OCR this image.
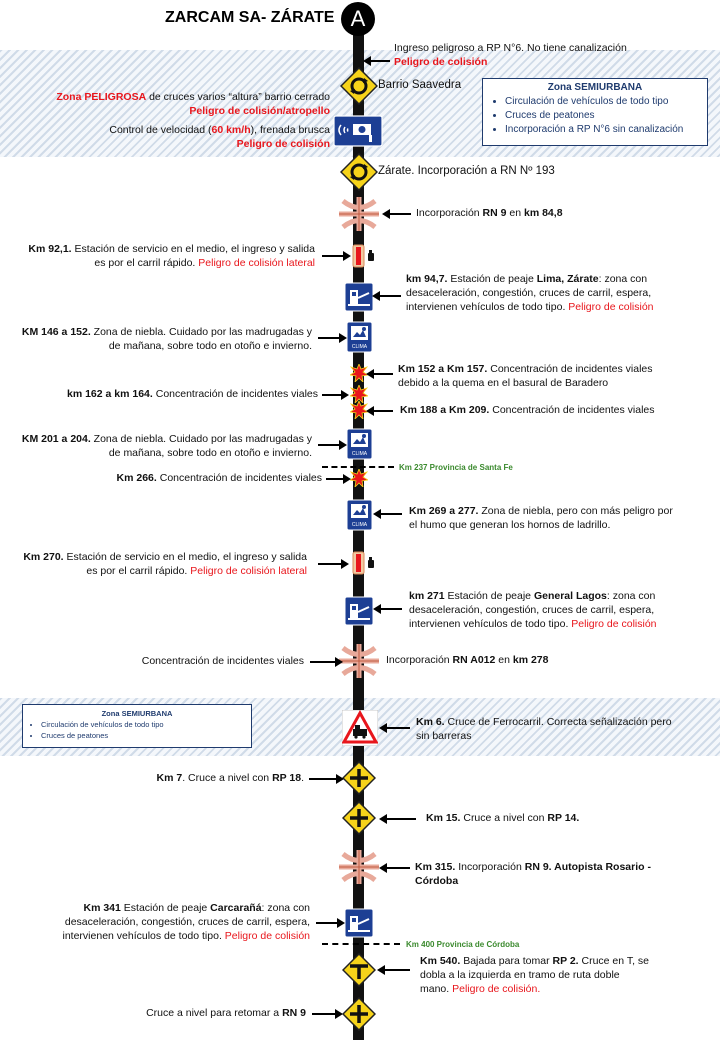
ZARCAM SA- ZÁRATE A
Zona SEMIURBANA
• Circulación de vehículos de todo tipo
• Cruces de peatones
• Incorporación a RP N°6 sin canalización
Zona SEMIURBANA
• Circulación de vehículos de todo tipo
• Cruces de peatones
CLIMA
CLIMA
CLIMA
Km 237 Provincia de Santa Fe
Km 400 Provincia de Córdoba
Ingreso peligroso a RP N°6. No tiene canalización
Peligro de colisión
Barrio Saavedra
Zona PELIGROSA de cruces varios “altura” barrio cerrado
Peligro de colisión/atropello
Control de velocidad (60 km/h), frenada brusca
Peligro de colisión
Zárate. Incorporación a RN Nº 193
Incorporación RN 9 en km 84,8
Km 92,1. Estación de servicio en el medio, el ingreso y salida
es por el carril rápido. Peligro de colisión lateral
km 94,7. Estación de peaje Lima, Zárate: zona con
desaceleración, congestión, cruces de carril, espera,
intervienen vehículos de todo tipo. Peligro de colisión
KM 146 a 152. Zona de niebla. Cuidado por las madrugadas y
de mañana, sobre todo en otoño e invierno.
Km 152 a Km 157. Concentración de incidentes viales
debido a la quema en el basural de Baradero
km 162 a km 164. Concentración de incidentes viales
Km 188 a Km 209. Concentración de incidentes viales
KM 201 a 204. Zona de niebla. Cuidado por las madrugadas y
de mañana, sobre todo en otoño e invierno.
Km 266. Concentración de incidentes viales
Km 269 a 277. Zona de niebla, pero con más peligro por
el humo que generan los hornos de ladrillo.
Km 270. Estación de servicio en el medio, el ingreso y salida
es por el carril rápido. Peligro de colisión lateral
km 271 Estación de peaje General Lagos: zona con
desaceleración, congestión, cruces de carril, espera,
intervienen vehículos de todo tipo. Peligro de colisión
Concentración de incidentes viales	Incorporación RN A012 en km 278
Km 6. Cruce de Ferrocarril. Correcta señalización pero
sin barreras
Km 7. Cruce a nivel con RP 18.
Km 15. Cruce a nivel con RP 14.
Km 315. Incorporación RN 9. Autopista Rosario -
Córdoba
Km 341 Estación de peaje Carcarañá: zona con
desaceleración, congestión, cruces de carril, espera,
intervienen vehículos de todo tipo. Peligro de colisión
Km 540. Bajada para tomar RP 2. Cruce en T, se
dobla a la izquierda en tramo de ruta doble
mano. Peligro de colisión.
Cruce a nivel para retomar a RN 9
